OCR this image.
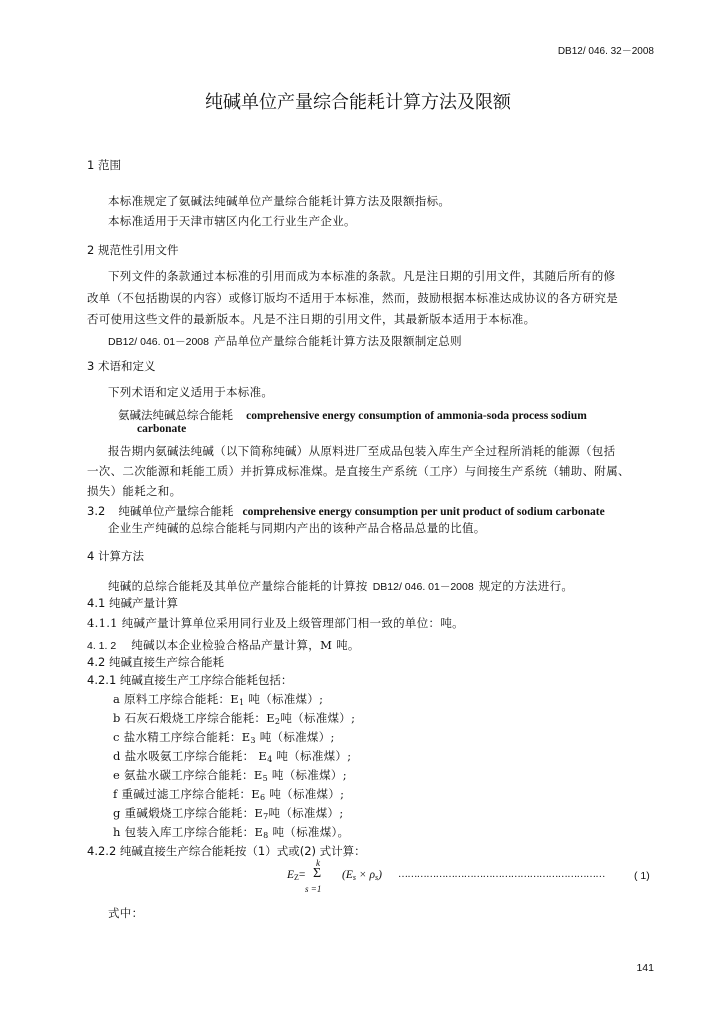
DB12/ 046. 32－2008
纯碱单位产量综合能耗计算方法及限额
1 范围
本标准规定了氨碱法纯碱单位产量综合能耗计算方法及限额指标。
本标准适用于天津市辖区内化工行业生产企业。
2 规范性引用文件
下列文件的条款通过本标准的引用而成为本标准的条款。凡是注日期的引用文件，其随后所有的修
改单（不包括勘误的内容）或修订版均不适用于本标准，然而，鼓励根据本标准达成协议的各方研究是
否可使用这些文件的最新版本。凡是不注日期的引用文件，其最新版本适用于本标准。
DB12/ 046. 01－2008 产品单位产量综合能耗计算方法及限额制定总则
3 术语和定义
下列术语和定义适用于本标准。
氨碱法纯碱总综合能耗 comprehensive energy consumption of ammonia-soda process sodium
carbonate
报告期内氨碱法纯碱（以下简称纯碱）从原料进厂至成品包装入库生产全过程所消耗的能源（包括
一次、二次能源和耗能工质）并折算成标准煤。是直接生产系统（工序）与间接生产系统（辅助、附属、
损失）能耗之和。
3.2 纯碱单位产量综合能耗 comprehensive energy consumption per unit product of sodium carbonate
企业生产纯碱的总综合能耗与同期内产出的该种产品合格品总量的比值。
4 计算方法
纯碱的总综合能耗及其单位产量综合能耗的计算按 DB12/ 046. 01－2008 规定的方法进行。
4.1 纯碱产量计算
4.1.1 纯碱产量计算单位采用同行业及上级管理部门相一致的单位：吨。
4. 1. 2 纯碱以本企业检验合格品产量计算，M 吨。
4.2 纯碱直接生产综合能耗
4.2.1 纯碱直接生产工序综合能耗包括：
a 原料工序综合能耗：$E_1$ 吨（标准煤）;
b 石灰石煅烧工序综合能耗：$E_2$吨（标准煤）;
c 盐水精工序综合能耗：$E_3$ 吨（标准煤）;
d 盐水吸氨工序综合能耗： $E_4$ 吨（标准煤）;
e 氨盐水碳工序综合能耗：$E_5$ 吨（标准煤）;
f 重碱过滤工序综合能耗：$E_6$ 吨（标准煤）;
g 重碱煅烧工序综合能耗：$E_7$吨（标准煤）;
h 包装入库工序综合能耗：$E_8$ 吨（标准煤）。
4.2.2 纯碱直接生产综合能耗按（1）式或(2) 式计算：
k
$E_Z= \Sigma$
s =1
$(E_s \times \rho_s)$ …………………………………………………………	( 1)
式中：
141
